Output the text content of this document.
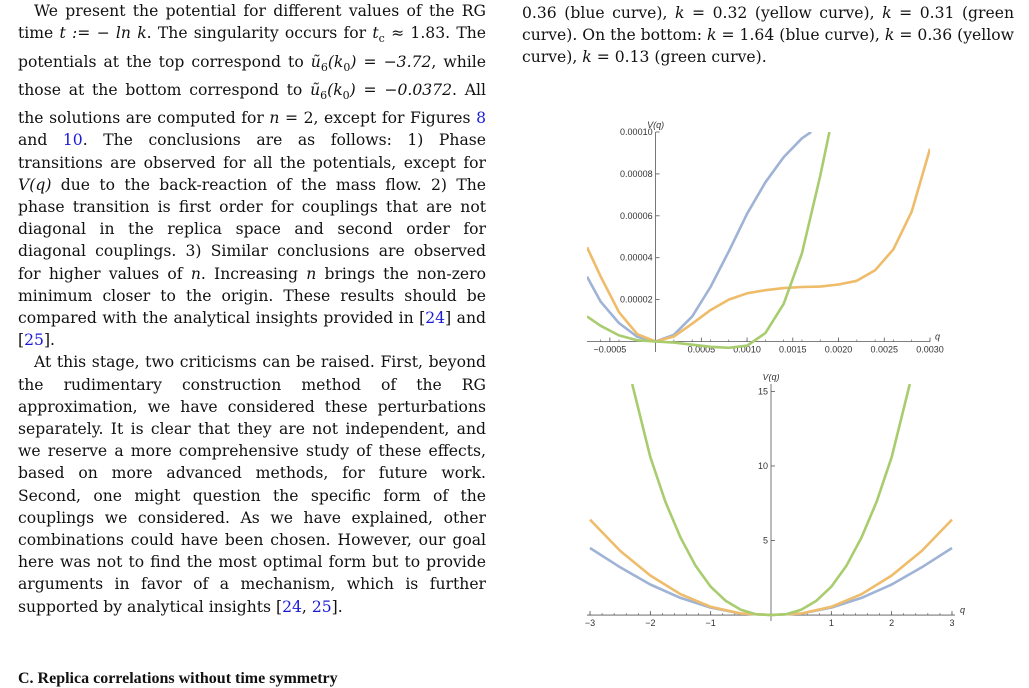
We present the potential for different values of the RG time t := − ln k. The singularity occurs for $t_c \approx 1.83$. The potentials at the top correspond to $ũ_6(k_0) = -3.72$, while those at the bottom correspond to $ũ_6(k_0) = -0.0372$. All the solutions are computed for n = 2, except for Figures 8 and 10. The conclusions are as follows: 1) Phase transitions are observed for all the potentials, except for V(q) due to the back-reaction of the mass flow. 2) The phase transition is first order for couplings that are not diagonal in the replica space and second order for diagonal couplings. 3) Similar conclusions are observed for higher values of n. Increasing n brings the non-zero minimum closer to the origin. These results should be compared with the analytical insights provided in [24] and [25].

At this stage, two criticisms can be raised. First, beyond the rudimentary construction method of the RG approximation, we have considered these perturbations separately. It is clear that they are not independent, and we reserve a more comprehensive study of these effects, based on more advanced methods, for future work. Second, one might question the specific form of the couplings we considered. As we have explained, other combinations could have been chosen. However, our goal here was not to find the most optimal form but to provide arguments in favor of a mechanism, which is further supported by analytical insights [24, 25].

C. Replica correlations without time symmetry

0.36 (blue curve), k = 0.32 (yellow curve), k = 0.31 (green curve). On the bottom: k = 1.64 (blue curve), k = 0.36 (yellow curve), k = 0.13 (green curve).

−0.0005	0.0005 0.0010 0.0015 0.0020 0.0025 0.0030
0.00002
0.00004
0.00006
0.00008
0.00010
q
V(q)
−3	−2	−1	1	2	3
5
10
15
q
V(q)
